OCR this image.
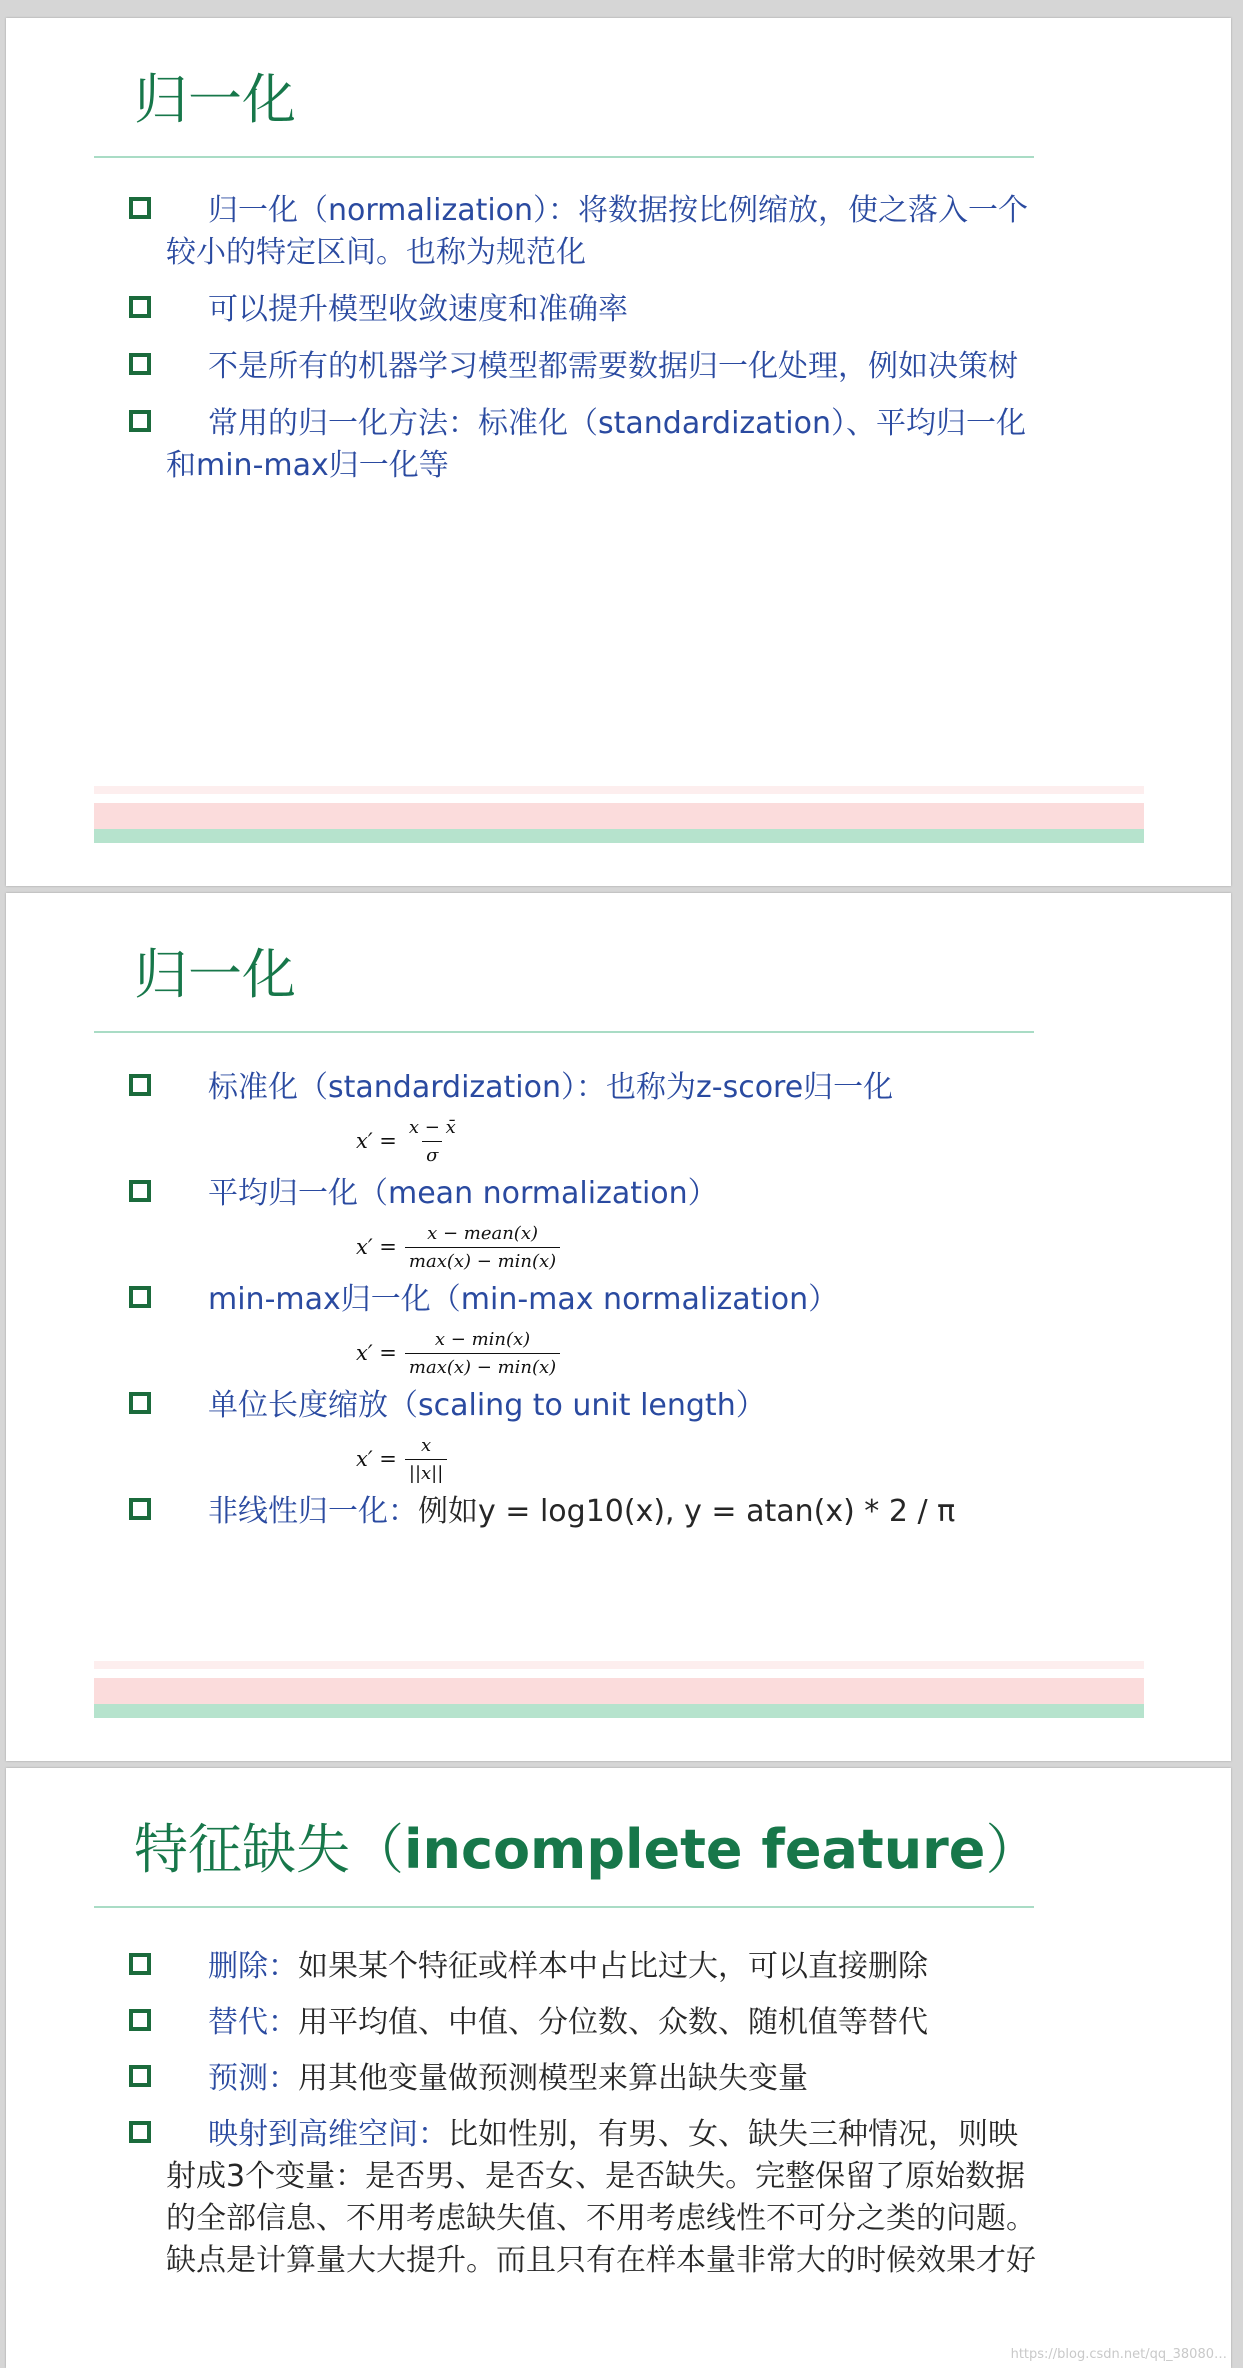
归一化
归一化（normalization）：将数据按比例缩放，使之落入一个较小的特定区间。也称为规范化
可以提升模型收敛速度和准确率
不是所有的机器学习模型都需要数据归一化处理，例如决策树
常用的归一化方法：标准化（standardization）、平均归一化和min-max归一化等
归一化
标准化（standardization）：也称为z-score归一化
$x' = \frac{x - x̄}{\sigma}$
平均归一化（mean normalization）
$x' = \frac{\text{x − mean(x)}}{\max(x) - \min(x)}$
min-max归一化（min-max normalization）
$x' = \frac{x - \min(x)}{\max(x) - \min(x)}$
单位长度缩放（scaling to unit length）
$x' = \frac{x}{||x||}$
非线性归一化：例如y = log10(x), y = atan(x) * 2 / π
特征缺失（incomplete feature）
删除：如果某个特征或样本中占比过大，可以直接删除
替代：用平均值、中值、分位数、众数、随机值等替代
预测：用其他变量做预测模型来算出缺失变量
映射到高维空间：比如性别，有男、女、缺失三种情况，则映射成3个变量：是否男、是否女、是否缺失。完整保留了原始数据的全部信息、不用考虑缺失值、不用考虑线性不可分之类的问题。缺点是计算量大大提升。而且只有在样本量非常大的时候效果才好
https://blog.csdn.net/qq_38080…
